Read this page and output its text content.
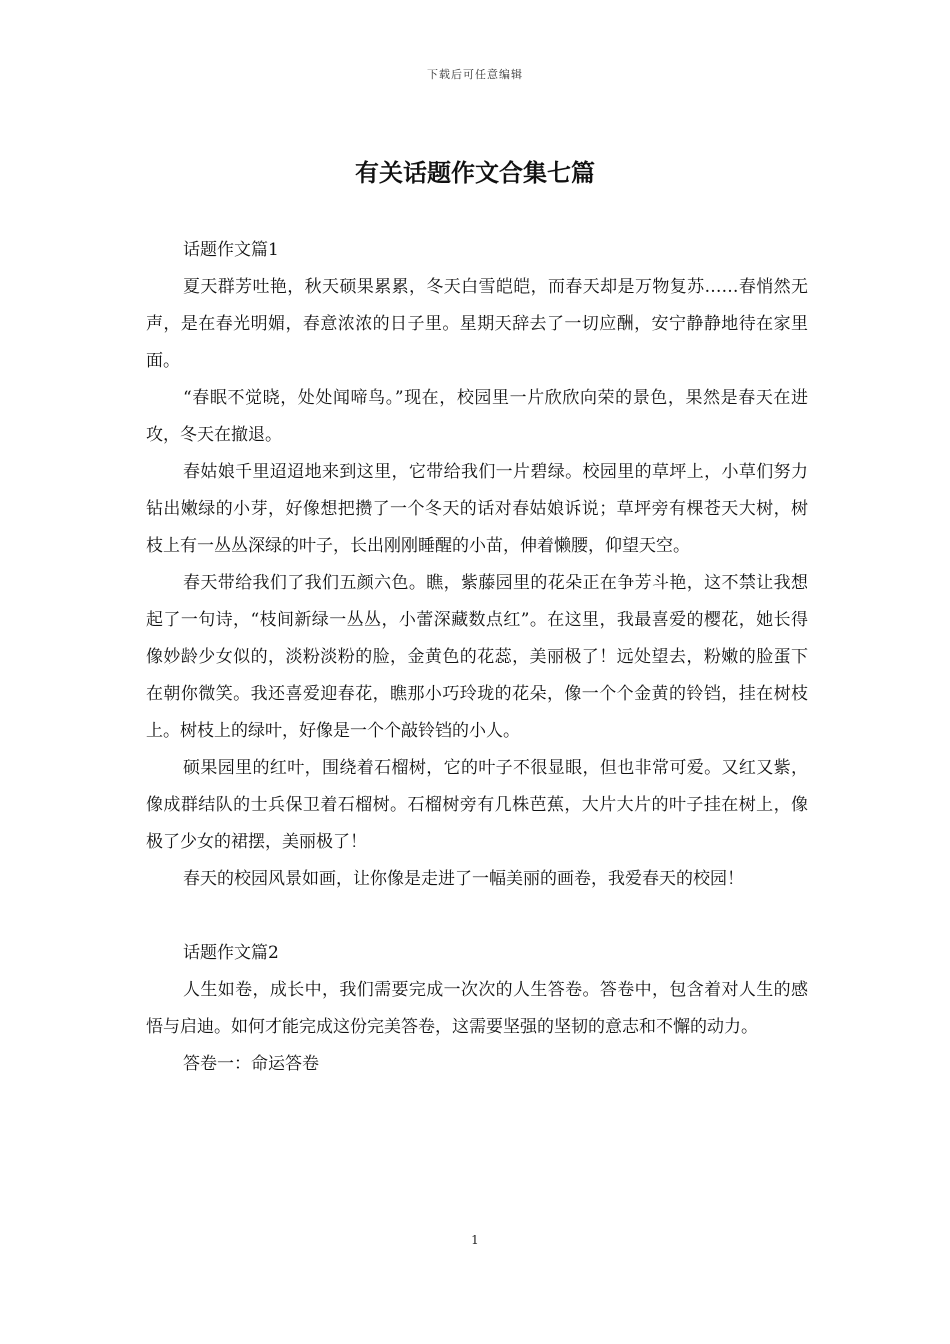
下载后可任意编辑
有关话题作文合集七篇
话题作文篇1

夏天群芳吐艳，秋天硕果累累，冬天白雪皑皑，而春天却是万物复苏……春悄然无声，是在春光明媚，春意浓浓的日子里。星期天辞去了一切应酬，安宁静静地待在家里面。

“春眠不觉晓，处处闻啼鸟。”现在，校园里一片欣欣向荣的景色，果然是春天在进攻，冬天在撤退。

春姑娘千里迢迢地来到这里，它带给我们一片碧绿。校园里的草坪上，小草们努力钻出嫩绿的小芽，好像想把攒了一个冬天的话对春姑娘诉说；草坪旁有棵苍天大树，树枝上有一丛丛深绿的叶子，长出刚刚睡醒的小苗，伸着懒腰，仰望天空。

春天带给我们了我们五颜六色。瞧，紫藤园里的花朵正在争芳斗艳，这不禁让我想起了一句诗，“枝间新绿一丛丛，小蕾深藏数点红”。在这里，我最喜爱的樱花，她长得像妙龄少女似的，淡粉淡粉的脸，金黄色的花蕊，美丽极了！远处望去，粉嫩的脸蛋下在朝你微笑。我还喜爱迎春花，瞧那小巧玲珑的花朵，像一个个金黄的铃铛，挂在树枝上。树枝上的绿叶，好像是一个个敲铃铛的小人。

硕果园里的红叶，围绕着石榴树，它的叶子不很显眼，但也非常可爱。又红又紫，像成群结队的士兵保卫着石榴树。石榴树旁有几株芭蕉，大片大片的叶子挂在树上，像极了少女的裙摆，美丽极了！

春天的校园风景如画，让你像是走进了一幅美丽的画卷，我爱春天的校园！

话题作文篇2

人生如卷，成长中，我们需要完成一次次的人生答卷。答卷中，包含着对人生的感悟与启迪。如何才能完成这份完美答卷，这需要坚强的坚韧的意志和不懈的动力。

答卷一：命运答卷

1
